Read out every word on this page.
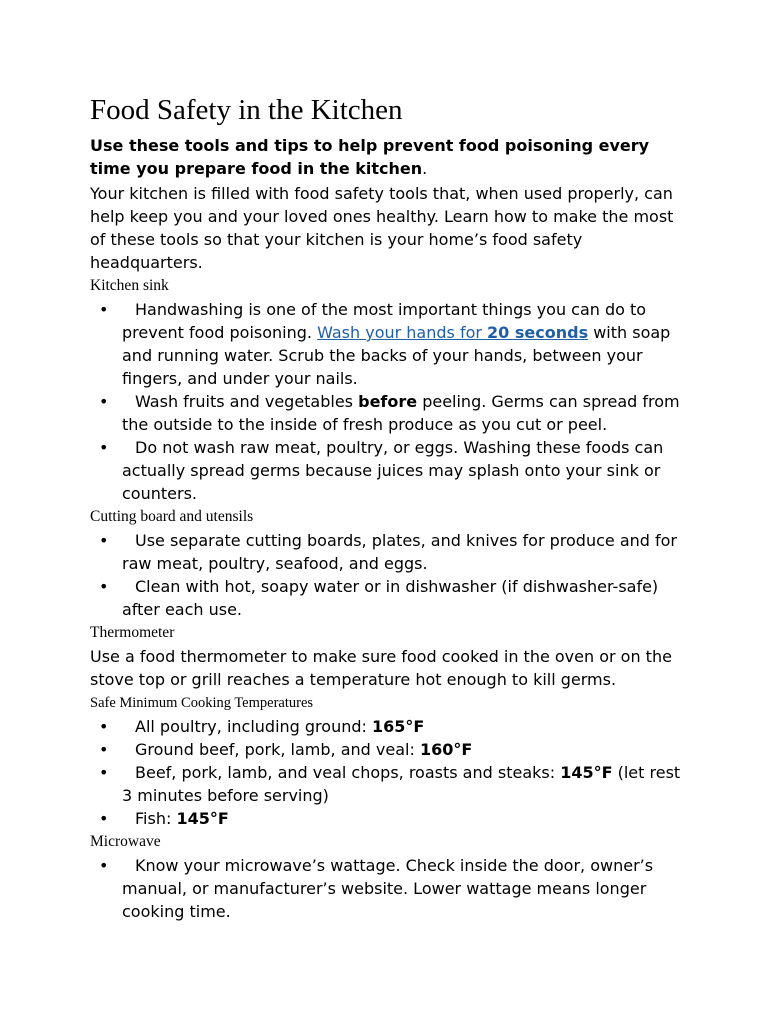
Food Safety in the Kitchen

Use these tools and tips to help prevent food poisoning every time you prepare food in the kitchen.

Your kitchen is filled with food safety tools that, when used properly, can help keep you and your loved ones healthy. Learn how to make the most of these tools so that your kitchen is your home’s food safety headquarters.

Kitchen sink
• Handwashing is one of the most important things you can do to prevent food poisoning. Wash your hands for 20 seconds with soap and running water. Scrub the backs of your hands, between your fingers, and under your nails.
• Wash fruits and vegetables before peeling. Germs can spread from the outside to the inside of fresh produce as you cut or peel.
• Do not wash raw meat, poultry, or eggs. Washing these foods can actually spread germs because juices may splash onto your sink or counters.
Cutting board and utensils
• Use separate cutting boards, plates, and knives for produce and for raw meat, poultry, seafood, and eggs.
• Clean with hot, soapy water or in dishwasher (if dishwasher-safe) after each use.
Thermometer

Use a food thermometer to make sure food cooked in the oven or on the stove top or grill reaches a temperature hot enough to kill germs.

Safe Minimum Cooking Temperatures
• All poultry, including ground: 165°F
• Ground beef, pork, lamb, and veal: 160°F
• Beef, pork, lamb, and veal chops, roasts and steaks: 145°F (let rest 3 minutes before serving)
• Fish: 145°F
Microwave
• Know your microwave’s wattage. Check inside the door, owner’s manual, or manufacturer’s website. Lower wattage means longer cooking time.
